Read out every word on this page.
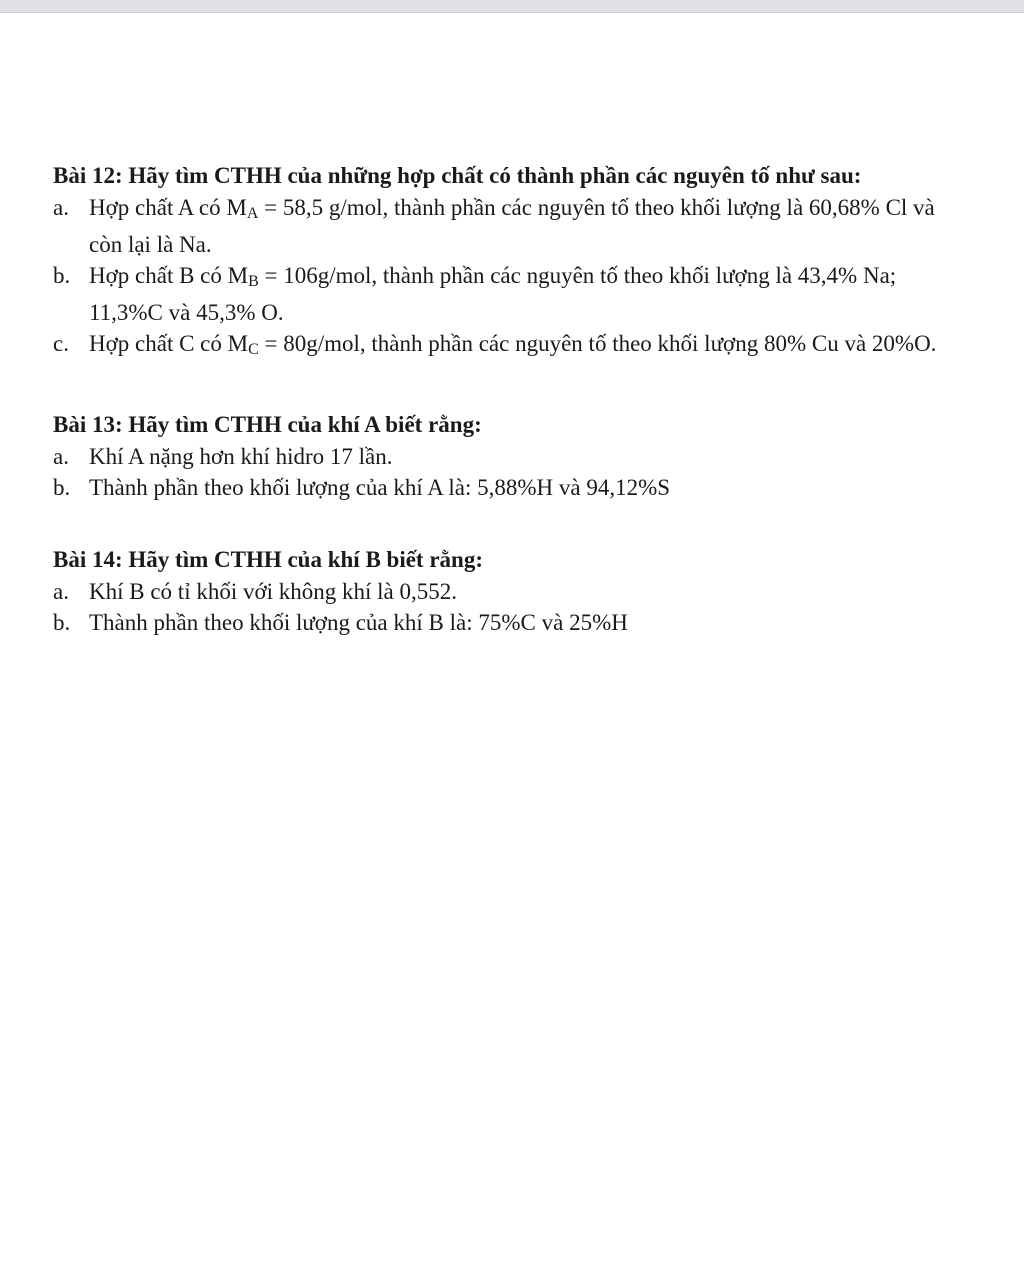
Bài 12: Hãy tìm CTHH của những hợp chất có thành phần các nguyên tố như sau:

a. Hợp chất A có MA = 58,5 g/mol, thành phần các nguyên tố theo khối lượng là 60,68% Cl và còn lại là Na.

b. Hợp chất B có MB = 106g/mol, thành phần các nguyên tố theo khối lượng là 43,4% Na; 11,3%C và 45,3% O.

c. Hợp chất C có MC = 80g/mol, thành phần các nguyên tố theo khối lượng 80% Cu và 20%O.

Bài 13: Hãy tìm CTHH của khí A biết rằng:

a. Khí A nặng hơn khí hidro 17 lần.

b. Thành phần theo khối lượng của khí A là: 5,88%H và 94,12%S

Bài 14: Hãy tìm CTHH của khí B biết rằng:

a. Khí B có tỉ khối với không khí là 0,552.

b. Thành phần theo khối lượng của khí B là: 75%C và 25%H
